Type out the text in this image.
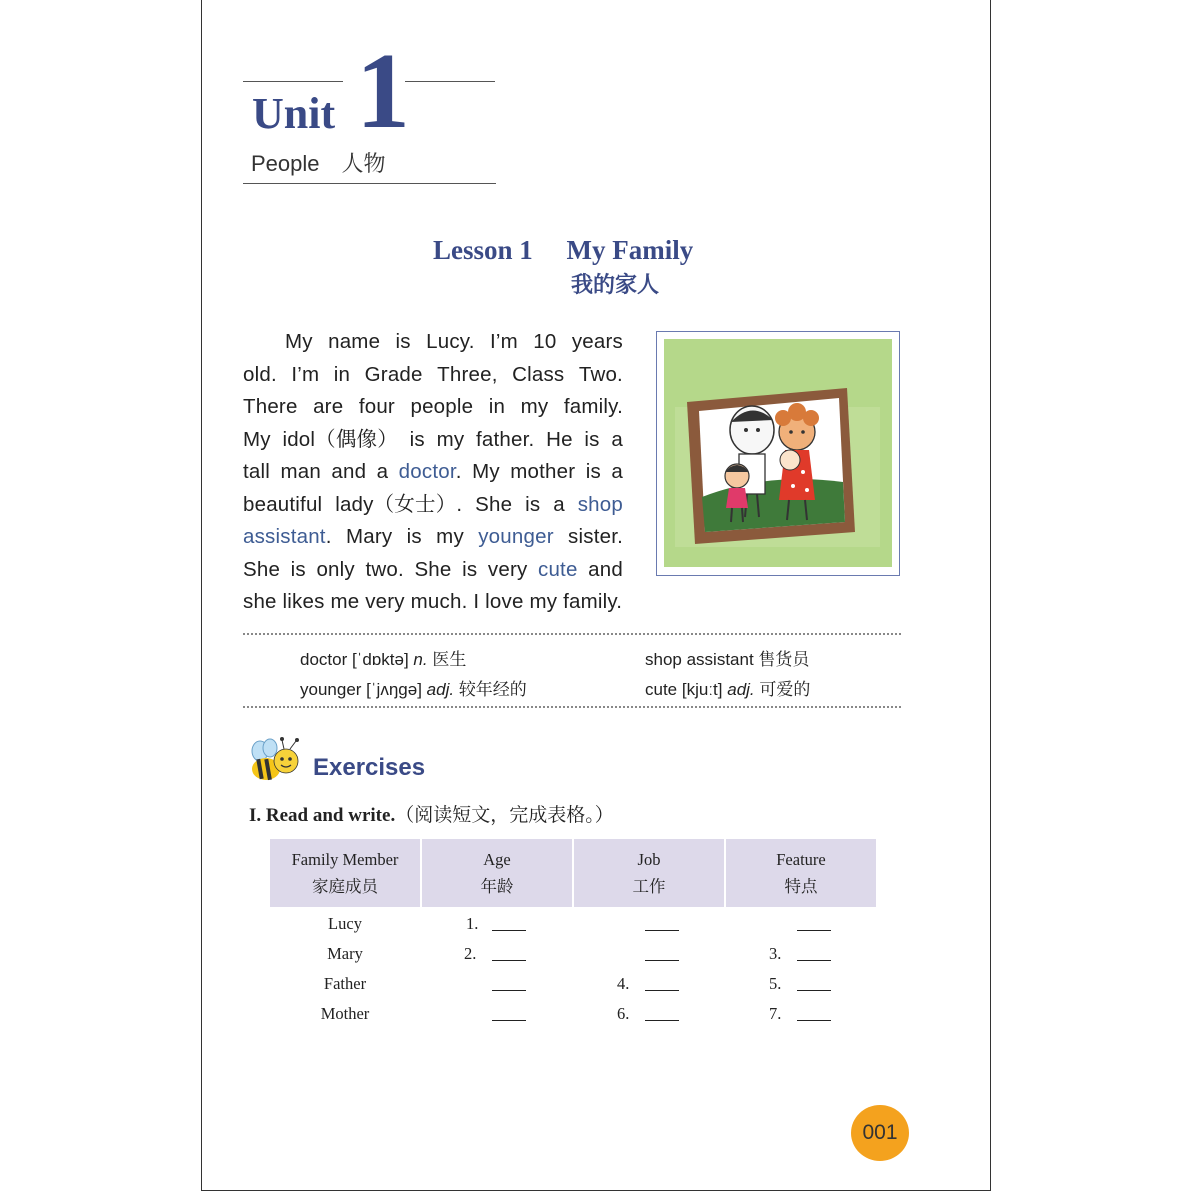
Unit 1
People　人物
Lesson 1　 My Family
我的家人
My name is Lucy. I’m 10 years
old. I’m in Grade Three, Class Two.
There are four people in my family.
My idol（偶像） is my father. He is a
tall man and a doctor. My mother is a
beautiful lady（女士）. She is a shop
assistant. Mary is my younger sister.
She is only two. She is very cute and
she likes me very much. I love my family.
doctor [ˈdɒktə] n. 医生	shop assistant 售货员
younger [ˈjʌŋgə] adj. 较年经的	cute [kjuːt] adj. 可爱的
Exercises
I. Read and write.（阅读短文，完成表格。）
Family Member
家庭成员
Age
年龄
Job
工作
Feature
特点
Lucy
Mary
Father
Mother
1.
2.
4.
6.
3.
5.
7.
001
